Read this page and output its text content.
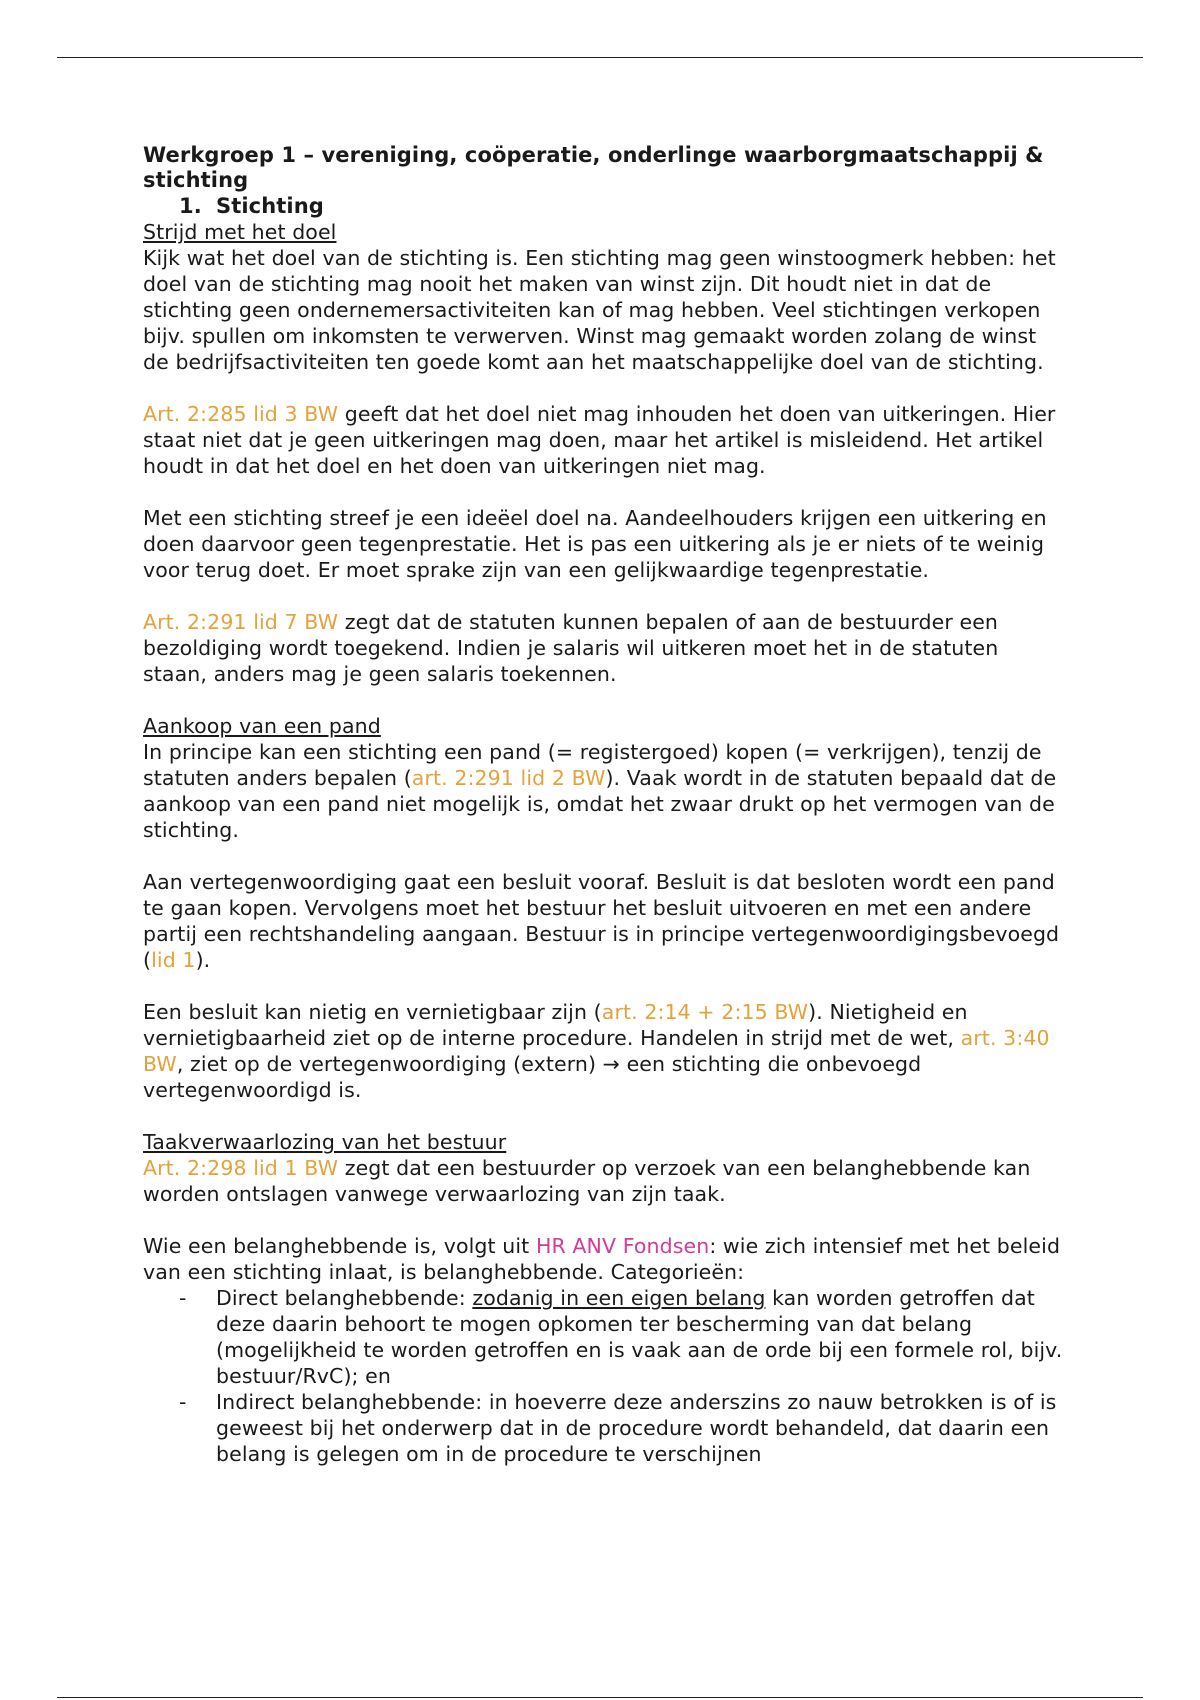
Werkgroep 1 – vereniging, coöperatie, onderlinge waarborgmaatschappij & stichting

1. Stichting

Strijd met het doel

Kijk wat het doel van de stichting is. Een stichting mag geen winstoogmerk hebben: het doel van de stichting mag nooit het maken van winst zijn. Dit houdt niet in dat de stichting geen ondernemersactiviteiten kan of mag hebben. Veel stichtingen verkopen bijv. spullen om inkomsten te verwerven. Winst mag gemaakt worden zolang de winst de bedrijfsactiviteiten ten goede komt aan het maatschappelijke doel van de stichting.

Art. 2:285 lid 3 BW geeft dat het doel niet mag inhouden het doen van uitkeringen. Hier staat niet dat je geen uitkeringen mag doen, maar het artikel is misleidend. Het artikel houdt in dat het doel en het doen van uitkeringen niet mag.

Met een stichting streef je een ideëel doel na. Aandeelhouders krijgen een uitkering en doen daarvoor geen tegenprestatie. Het is pas een uitkering als je er niets of te weinig voor terug doet. Er moet sprake zijn van een gelijkwaardige tegenprestatie.

Art. 2:291 lid 7 BW zegt dat de statuten kunnen bepalen of aan de bestuurder een bezoldiging wordt toegekend. Indien je salaris wil uitkeren moet het in de statuten staan, anders mag je geen salaris toekennen.

Aankoop van een pand

In principe kan een stichting een pand (= registergoed) kopen (= verkrijgen), tenzij de statuten anders bepalen (art. 2:291 lid 2 BW). Vaak wordt in de statuten bepaald dat de aankoop van een pand niet mogelijk is, omdat het zwaar drukt op het vermogen van de stichting.

Aan vertegenwoordiging gaat een besluit vooraf. Besluit is dat besloten wordt een pand te gaan kopen. Vervolgens moet het bestuur het besluit uitvoeren en met een andere partij een rechtshandeling aangaan. Bestuur is in principe vertegenwoordigingsbevoegd (lid 1).

Een besluit kan nietig en vernietigbaar zijn (art. 2:14 + 2:15 BW). Nietigheid en vernietigbaarheid ziet op de interne procedure. Handelen in strijd met de wet, art. 3:40 BW, ziet op de vertegenwoordiging (extern) → een stichting die onbevoegd vertegenwoordigd is.

Taakverwaarlozing van het bestuur

Art. 2:298 lid 1 BW zegt dat een bestuurder op verzoek van een belanghebbende kan worden ontslagen vanwege verwaarlozing van zijn taak.

Wie een belanghebbende is, volgt uit HR ANV Fondsen: wie zich intensief met het beleid van een stichting inlaat, is belanghebbende. Categorieën:

- Direct belanghebbende: zodanig in een eigen belang kan worden getroffen dat deze daarin behoort te mogen opkomen ter bescherming van dat belang (mogelijkheid te worden getroffen en is vaak aan de orde bij een formele rol, bijv. bestuur/RvC); en
- Indirect belanghebbende: in hoeverre deze anderszins zo nauw betrokken is of is geweest bij het onderwerp dat in de procedure wordt behandeld, dat daarin een belang is gelegen om in de procedure te verschijnen
